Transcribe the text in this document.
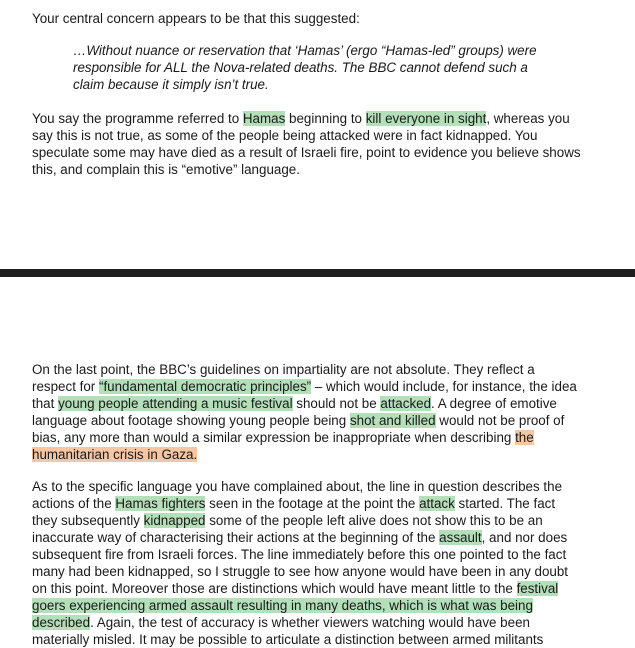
Your central concern appears to be that this suggested:

…Without nuance or reservation that ‘Hamas’ (ergo “Hamas-led” groups) were responsible for ALL the Nova-related deaths. The BBC cannot defend such a claim because it simply isn’t true.

You say the programme referred to Hamas beginning to kill everyone in sight, whereas you say this is not true, as some of the people being attacked were in fact kidnapped. You speculate some may have died as a result of Israeli fire, point to evidence you believe shows this, and complain this is “emotive” language.

On the last point, the BBC’s guidelines on impartiality are not absolute. They reflect a respect for “fundamental democratic principles” – which would include, for instance, the idea that young people attending a music festival should not be attacked. A degree of emotive language about footage showing young people being shot and killed would not be proof of bias, any more than would a similar expression be inappropriate when describing the humanitarian crisis in Gaza.

As to the specific language you have complained about, the line in question describes the actions of the Hamas fighters seen in the footage at the point the attack started. The fact they subsequently kidnapped some of the people left alive does not show this to be an inaccurate way of characterising their actions at the beginning of the assault, and nor does subsequent fire from Israeli forces. The line immediately before this one pointed to the fact many had been kidnapped, so I struggle to see how anyone would have been in any doubt on this point. Moreover those are distinctions which would have meant little to the festival goers experiencing armed assault resulting in many deaths, which is what was being described. Again, the test of accuracy is whether viewers watching would have been materially misled. It may be possible to articulate a distinction between armed militants
